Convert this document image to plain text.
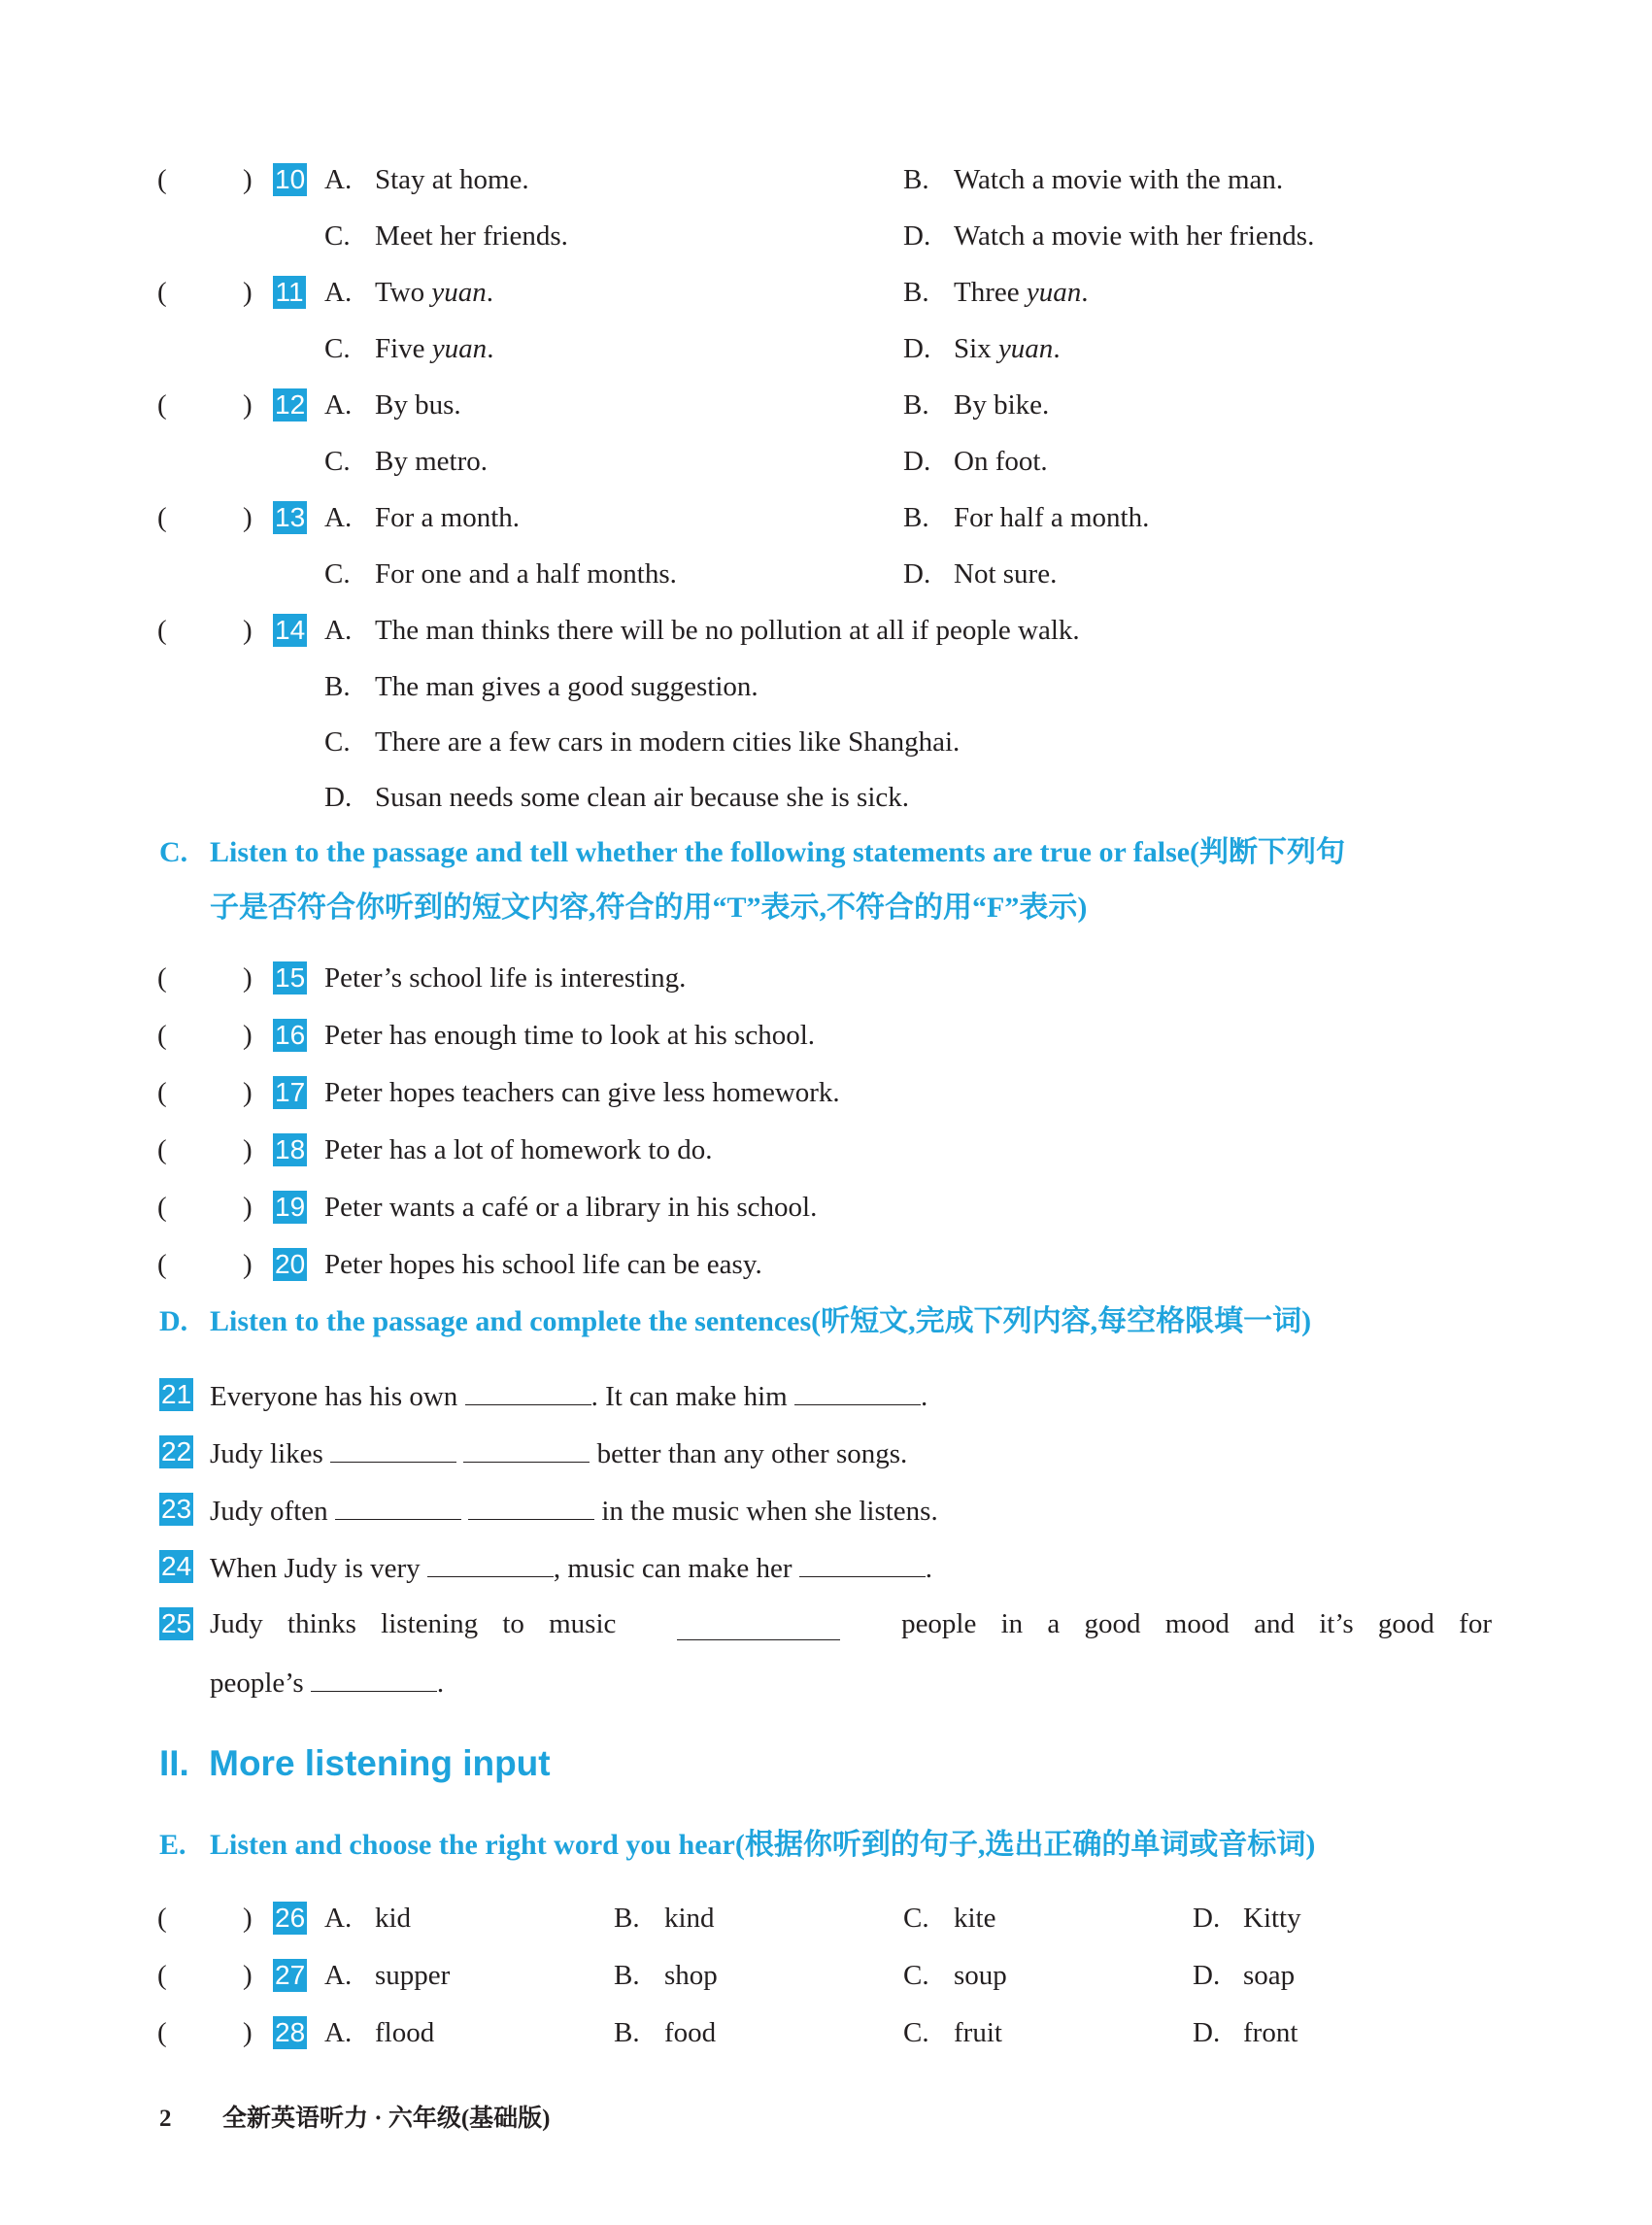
(	) 10 A. Stay at home.	B. Watch a movie with the man.
C. Meet her friends.	D. Watch a movie with her friends.
(	) 11 A. Two yuan.	B. Three yuan.
C. Five yuan.	D. Six yuan.
(	) 12 A. By bus.	B. By bike.
C. By metro.	D. On foot.
(	) 13 A. For a month.	B. For half a month.
C. For one and a half months.	D. Not sure.
(	) 14 A. The man thinks there will be no pollution at all if people walk.
B. The man gives a good suggestion.
C. There are a few cars in modern cities like Shanghai.
D. Susan needs some clean air because she is sick.
C. Listen to the passage and tell whether the following statements are true or false(判断下列句
子是否符合你听到的短文内容,符合的用“T”表示,不符合的用“F”表示)
(	) 15 Peter’s school life is interesting.
(	) 16 Peter has enough time to look at his school.
(	) 17 Peter hopes teachers can give less homework.
(	) 18 Peter has a lot of homework to do.
(	) 19 Peter wants a café or a library in his school.
(	) 20 Peter hopes his school life can be easy.
D. Listen to the passage and complete the sentences(听短文,完成下列内容,每空格限填一词)
21 Everyone has his own	. It can make him	.
22 Judy likes	better than any other songs.
23 Judy often	in the music when she listens.
24 When Judy is very	, music can make her	.
25 Judy thinks listening to music	people in a good mood and it’s good for
people’s	.
II. More listening input
E. Listen and choose the right word you hear(根据你听到的句子,选出正确的单词或音标词)
(	) 26 A. kid	B. kind	C. kite	D. Kitty
(	) 27 A. supper	B. shop	C. soup	D. soap
(	) 28 A. flood	B. food	C. fruit	D. front
2 全新英语听力 · 六年级(基础版)
